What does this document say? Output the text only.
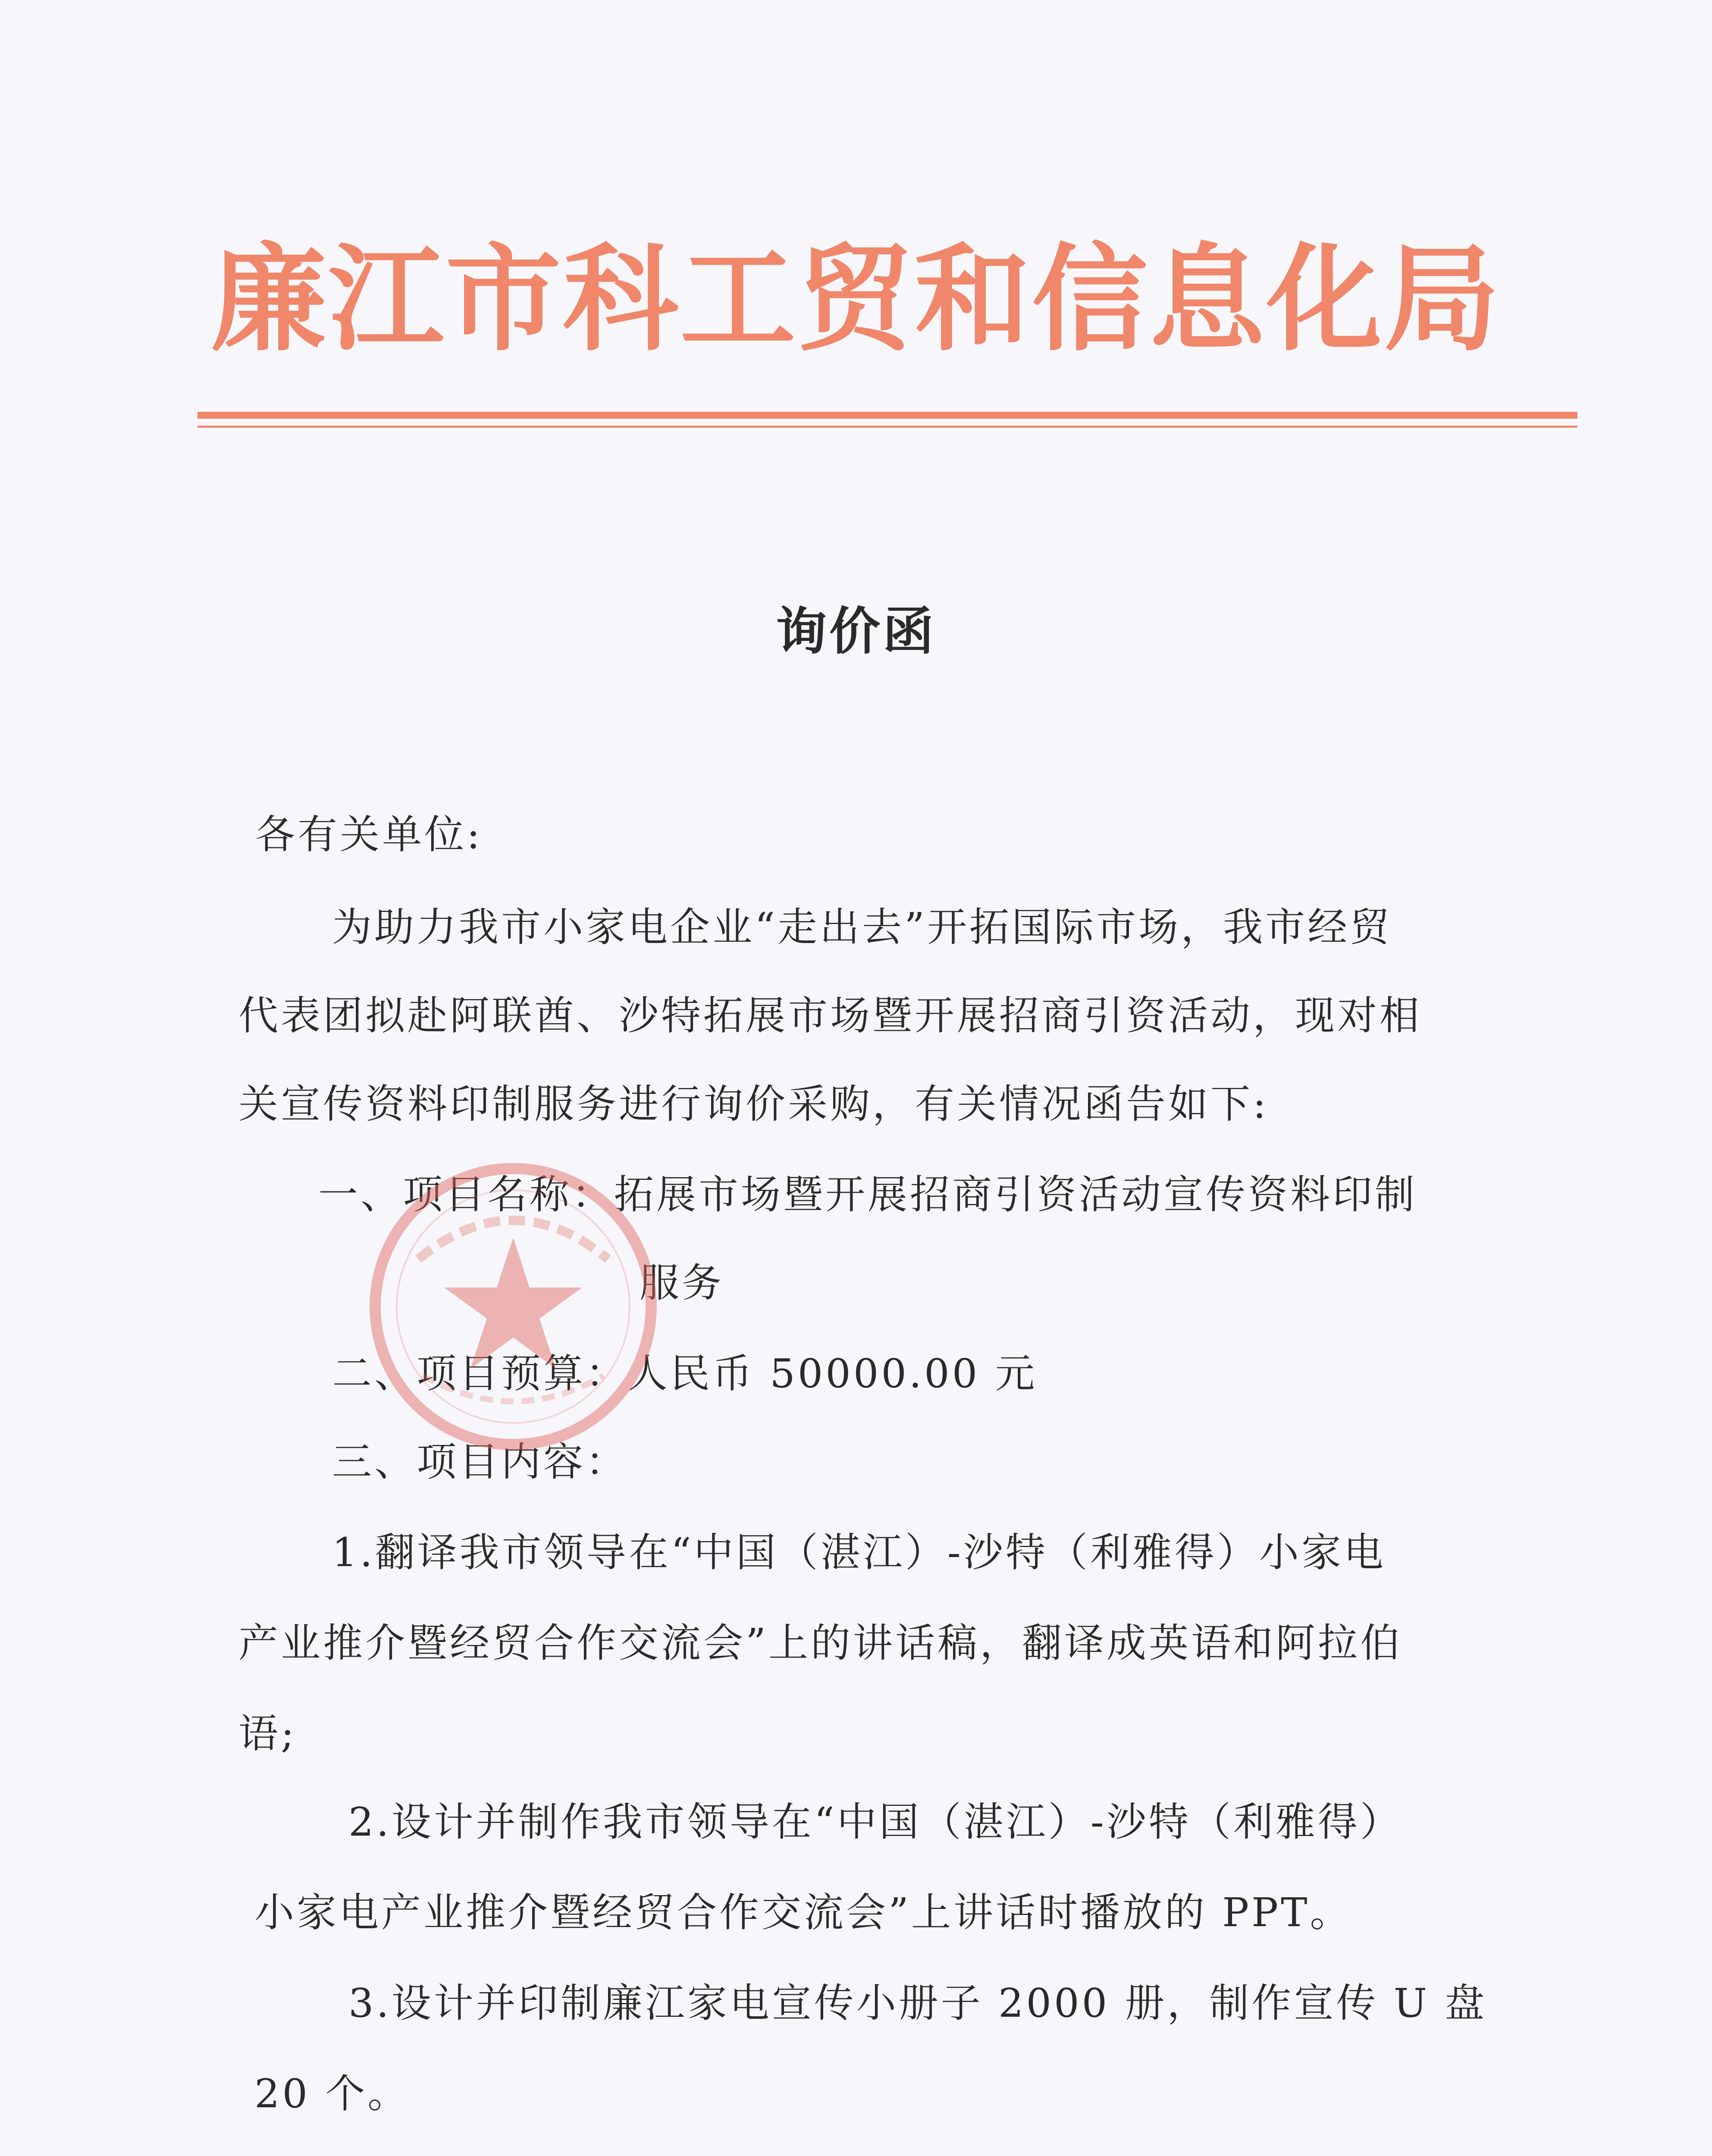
廉江市科工贸和信息化局
询价函
各有关单位:
为助力我市小家电企业“走出去”开拓国际市场，我市经贸
代表团拟赴阿联酋、沙特拓展市场暨开展招商引资活动，现对相
关宣传资料印制服务进行询价采购，有关情况函告如下:
一、项目名称：拓展市场暨开展招商引资活动宣传资料印制
服务
二、项目预算：人民币 50000.00 元
三、项目内容：
1.翻译我市领导在“中国（湛江）-沙特（利雅得）小家电
产业推介暨经贸合作交流会”上的讲话稿，翻译成英语和阿拉伯
语;
2.设计并制作我市领导在“中国（湛江）-沙特（利雅得）
小家电产业推介暨经贸合作交流会”上讲话时播放的 PPT。
3.设计并印制廉江家电宣传小册子 2000 册，制作宣传 U 盘
20 个。
